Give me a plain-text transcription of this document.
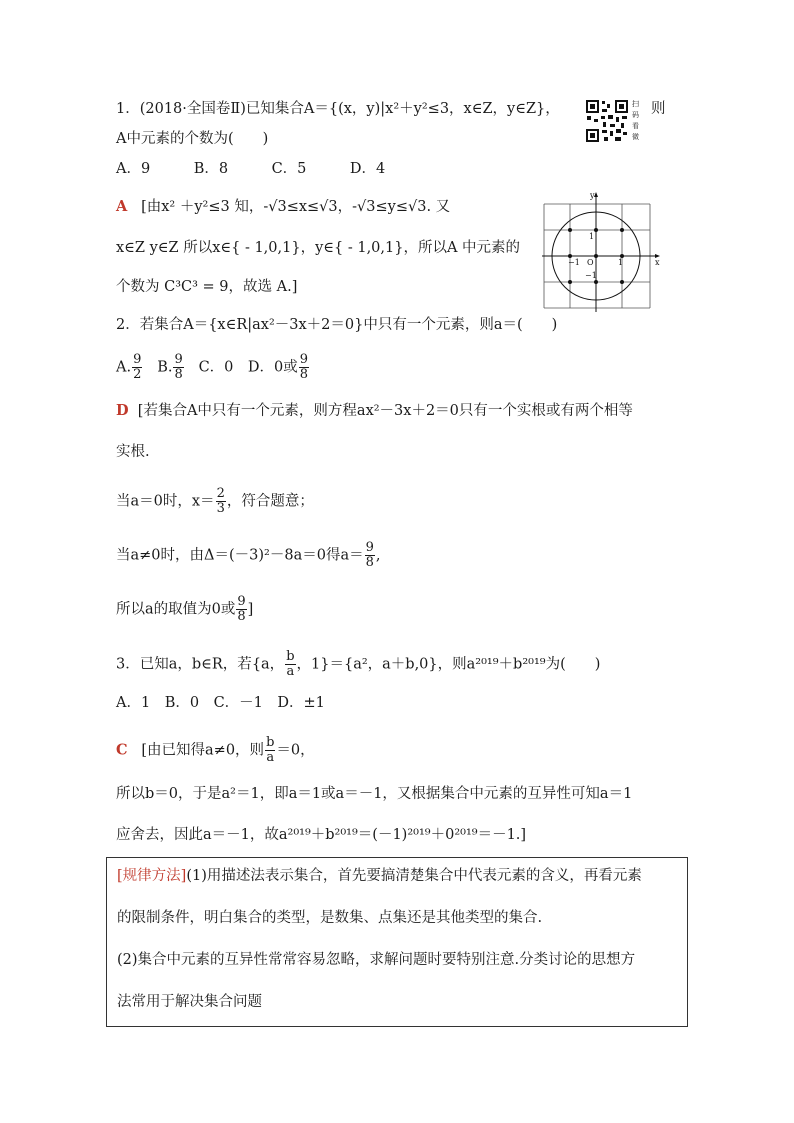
1．(2018·全国卷Ⅱ)已知集合A＝{(x，y)|x²＋y²≤3，x∈Z，y∈Z}，	则
扫
码
看
微
A中元素的个数为(　　)
A．9　　　B．8　　　C．5　　　D．4
A [由x² ＋y²≤3 知，-√3≤x≤√3，-√3≤y≤√3. 又
x∈Z y∈Z 所以x∈{ - 1,0,1}，y∈{ - 1,0,1}，所以A 中元素的
个数为 C³C³ = 9，故选 A.]
y
x
1
−1 O	1
−1
2．若集合A＝{x∈R|ax²－3x＋2＝0}中只有一个元素，则a＝(　　)
A. $\frac{9}{2} B$. $\frac{9}{8}$ C．0　D．0或 $\frac{9}{8}$
D [若集合A中只有一个元素，则方程ax²－3x＋2＝0只有一个实根或有两个相等
实根.
当a＝0时，$x= \frac{2}{3}$ ，符合题意；
当a≠0时，由Δ＝(－3)²－8a＝0得$a= \frac{9}{8}$ ,
所以a的取值为0或 $\frac{9}{8}$ ]
3．已知a，b∈R，若{a， $\frac{b}{a}$ ，1}＝{a²，a＋b,0}，则a²⁰¹⁹＋b²⁰¹⁹为(　　)
A．1　B．0　C．－1　D．±1
C [由已知得a≠0，则 $\frac{b}{a} =0$，
所以b＝0，于是a²＝1，即a＝1或a＝－1，又根据集合中元素的互异性可知a＝1
应舍去，因此a＝－1，故a²⁰¹⁹＋b²⁰¹⁹＝(－1)²⁰¹⁹＋0²⁰¹⁹＝－1.]
[规律方法](1)用描述法表示集合，首先要搞清楚集合中代表元素的含义，再看元素
的限制条件，明白集合的类型，是数集、点集还是其他类型的集合.
(2)集合中元素的互异性常常容易忽略，求解问题时要特别注意.分类讨论的思想方
法常用于解决集合问题
